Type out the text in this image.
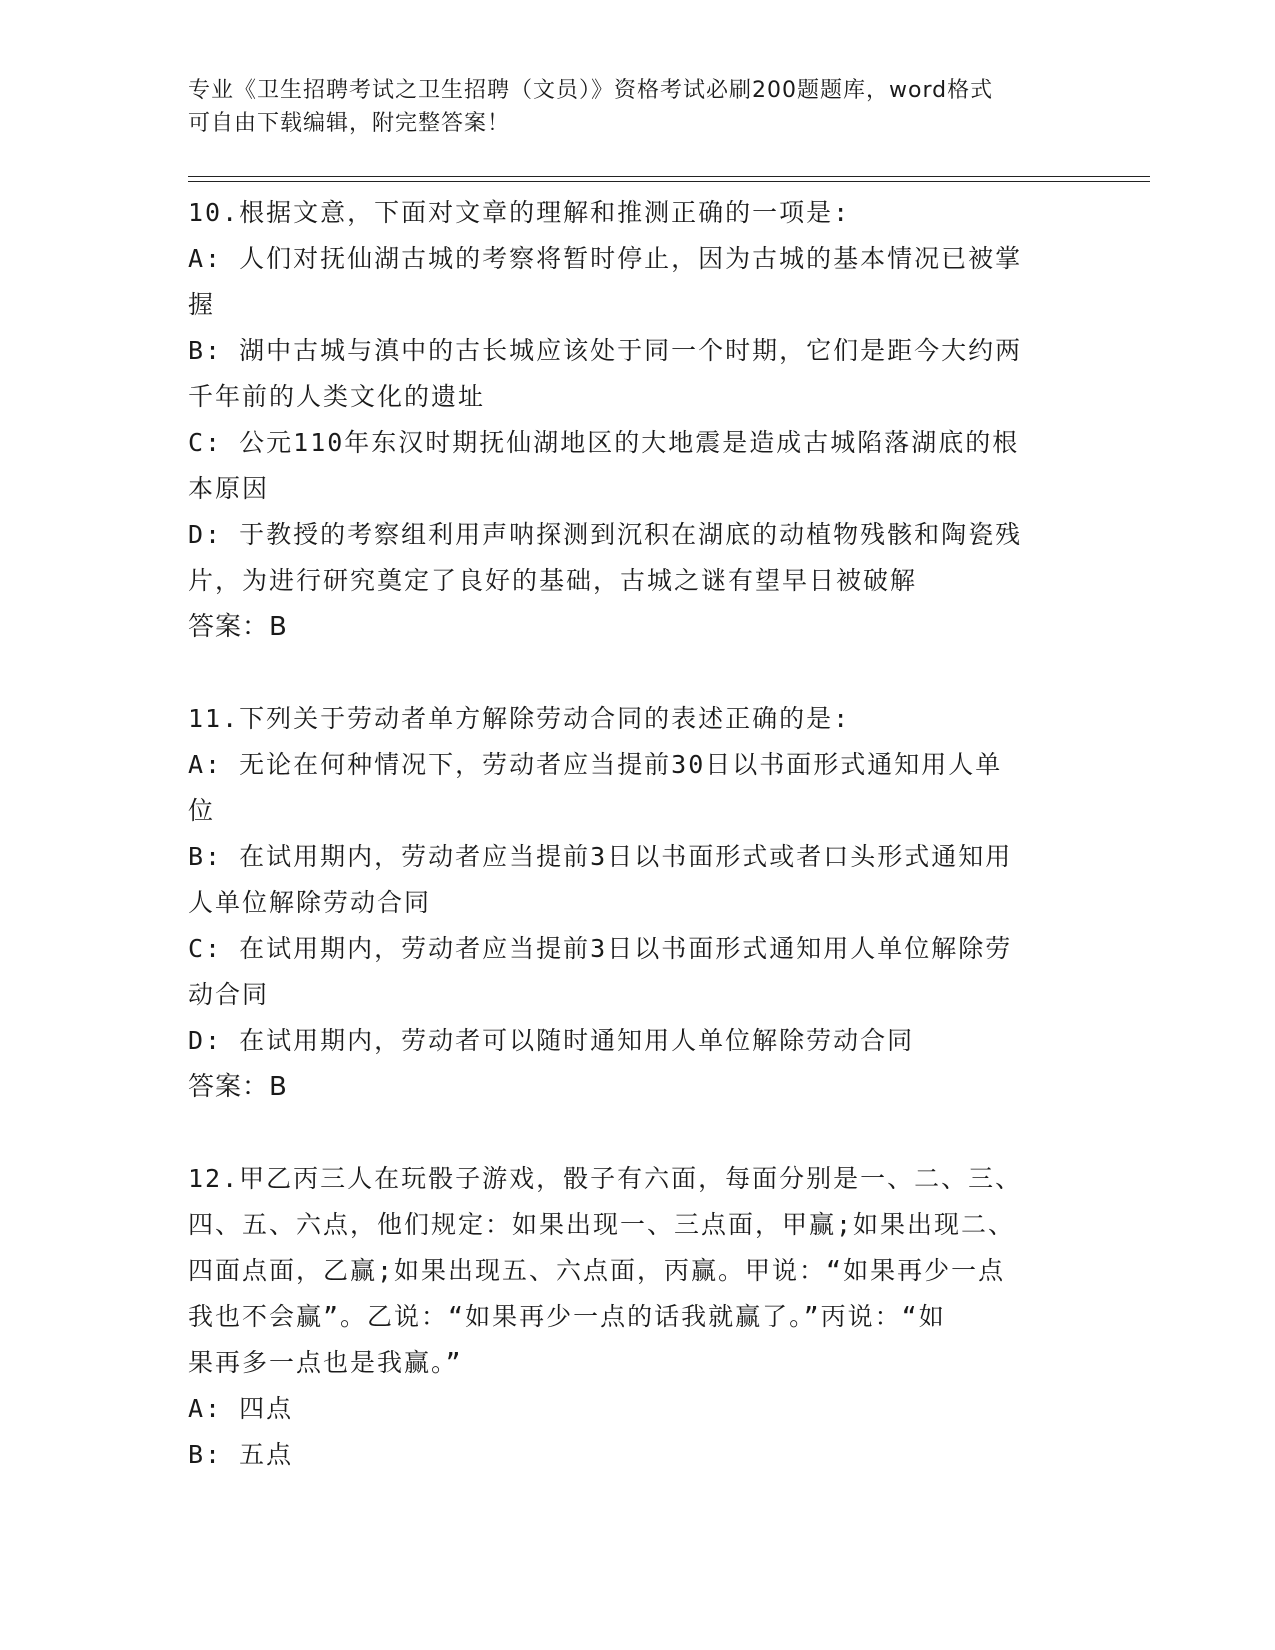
专业《卫生招聘考试之卫生招聘（文员）》资格考试必刷200题题库，word格式
可自由下载编辑，附完整答案！

10.根据文意，下面对文章的理解和推测正确的一项是:

A: 人们对抚仙湖古城的考察将暂时停止，因为古城的基本情况已被掌

握

B: 湖中古城与滇中的古长城应该处于同一个时期，它们是距今大约两

千年前的人类文化的遗址

C: 公元110年东汉时期抚仙湖地区的大地震是造成古城陷落湖底的根

本原因

D: 于教授的考察组利用声呐探测到沉积在湖底的动植物残骸和陶瓷残

片，为进行研究奠定了良好的基础，古城之谜有望早日被破解

答案：B

11.下列关于劳动者单方解除劳动合同的表述正确的是:

A: 无论在何种情况下，劳动者应当提前30日以书面形式通知用人单

位

B: 在试用期内，劳动者应当提前3日以书面形式或者口头形式通知用

人单位解除劳动合同

C: 在试用期内，劳动者应当提前3日以书面形式通知用人单位解除劳

动合同

D: 在试用期内，劳动者可以随时通知用人单位解除劳动合同

答案：B

12.甲乙丙三人在玩骰子游戏，骰子有六面，每面分别是一、二、三、

四、五、六点，他们规定：如果出现一、三点面，甲赢;如果出现二、

四面点面，乙赢;如果出现五、六点面，丙赢。甲说：“如果再少一点

我也不会赢”。乙说：“如果再少一点的话我就赢了。”丙说：“如

果再多一点也是我赢。”

A: 四点

B: 五点
